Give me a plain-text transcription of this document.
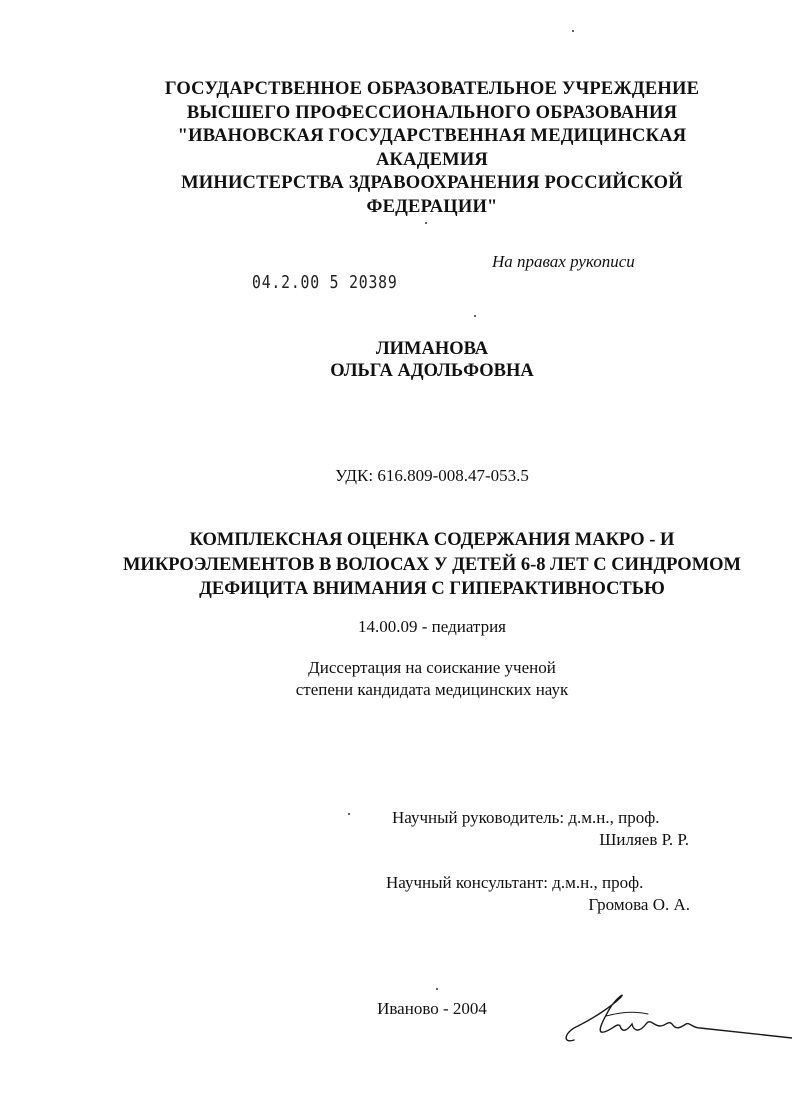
ГОСУДАРСТВЕННОЕ ОБРАЗОВАТЕЛЬНОЕ УЧРЕЖДЕНИЕ
ВЫСШЕГО ПРОФЕССИОНАЛЬНОГО ОБРАЗОВАНИЯ
"ИВАНОВСКАЯ ГОСУДАРСТВЕННАЯ МЕДИЦИНСКАЯ
АКАДЕМИЯ
МИНИСТЕРСТВА ЗДРАВООХРАНЕНИЯ РОССИЙСКОЙ
ФЕДЕРАЦИИ"
На правах рукописи
04.2.00 5 20389
ЛИМАНОВА
ОЛЬГА АДОЛЬФОВНА
УДК: 616.809-008.47-053.5
КОМПЛЕКСНАЯ ОЦЕНКА СОДЕРЖАНИЯ МАКРО - И
МИКРОЭЛЕМЕНТОВ В ВОЛОСАХ У ДЕТЕЙ 6-8 ЛЕТ С СИНДРОМОМ
ДЕФИЦИТА ВНИМАНИЯ С ГИПЕРАКТИВНОСТЬЮ
14.00.09 - педиатрия
Диссертация на соискание ученой
степени кандидата медицинских наук
Научный руководитель: д.м.н., проф.
Шиляев Р. Р.
Научный консультант: д.м.н., проф.
Громова О. А.
Иваново - 2004
